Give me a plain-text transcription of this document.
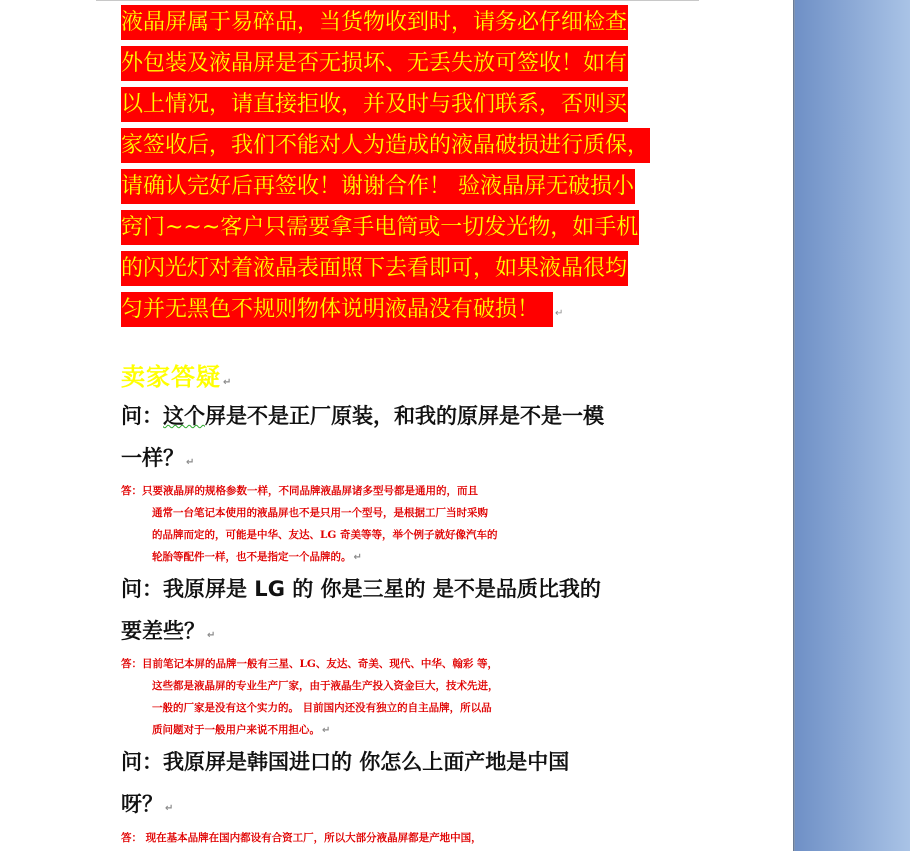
液晶屏属于易碎品，当货物收到时，请务必仔细检查
外包装及液晶屏是否无损坏、无丢失放可签收！如有
以上情况，请直接拒收，并及时与我们联系，否则买
家签收后，我们不能对人为造成的液晶破损进行质保，
请确认完好后再签收！谢谢合作！ 验液晶屏无破损小
窍门~~~客户只需要拿手电筒或一切发光物，如手机
的闪光灯对着液晶表面照下去看即可，如果液晶很均
匀并无黑色不规则物体说明液晶没有破损！ ↵
卖家答疑 ↵
问：这个屏是不是正厂原装，和我的原屏是不是一模
一样？ ↵
答：只要液晶屏的规格参数一样，不同品牌液晶屏诸多型号都是通用的，而且
通常一台笔记本使用的液晶屏也不是只用一个型号，是根据工厂当时采购
的品牌而定的，可能是中华、友达、LG 奇美等等，举个例子就好像汽车的
轮胎等配件一样，也不是指定一个品牌的。 ↵
问：我原屏是 LG 的 你是三星的 是不是品质比我的
要差些？ ↵
答：目前笔记本屏的品牌一般有三星、LG、友达、奇美、现代、中华、翰彩 等，
这些都是液晶屏的专业生产厂家，由于液晶生产投入资金巨大，技术先进，
一般的厂家是没有这个实力的。 目前国内还没有独立的自主品牌，所以品
质问题对于一般用户来说不用担心。 ↵
问：我原屏是韩国进口的 你怎么上面产地是中国
呀？ ↵
答： 现在基本品牌在国内都设有合资工厂，所以大部分液晶屏都是产地中国，
